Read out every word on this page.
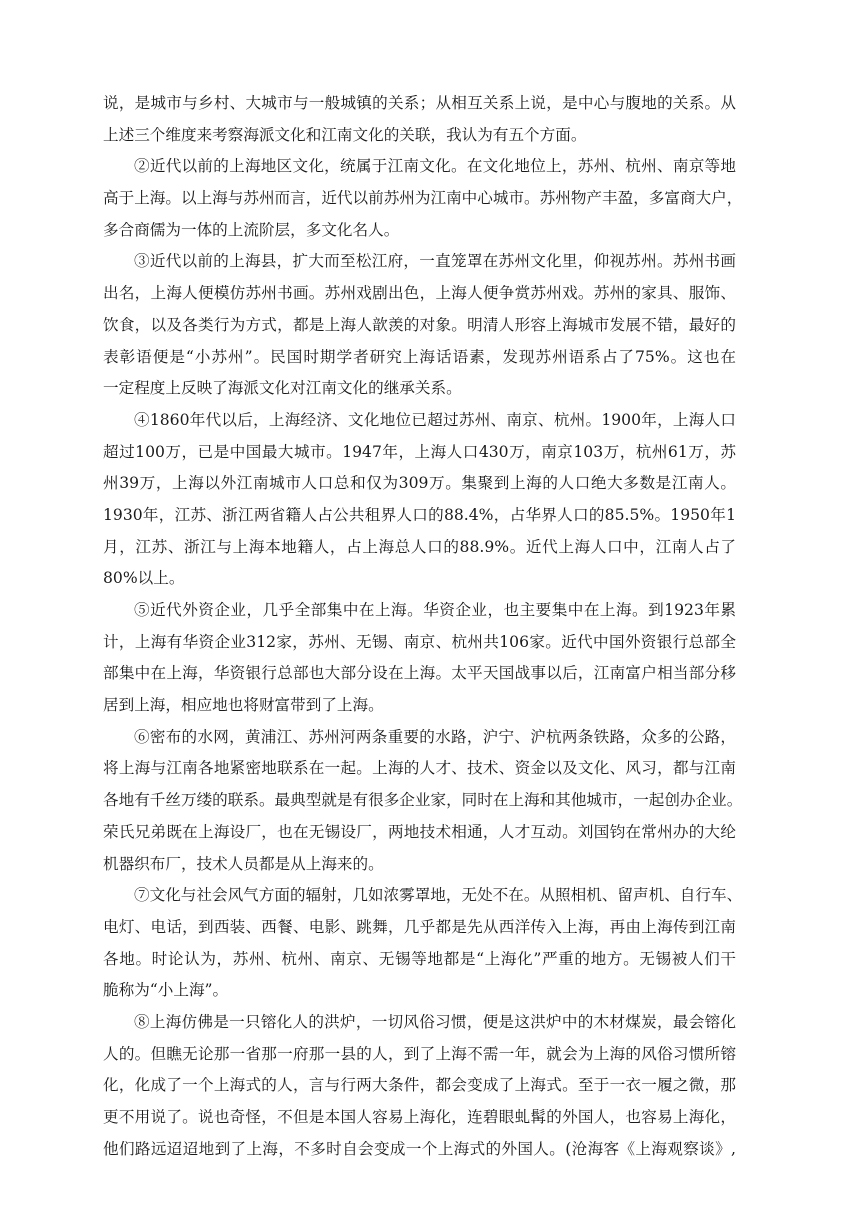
说，是城市与乡村、大城市与一般城镇的关系；从相互关系上说，是中心与腹地的关系。从
上述三个维度来考察海派文化和江南文化的关联，我认为有五个方面。
②近代以前的上海地区文化，统属于江南文化。在文化地位上，苏州、杭州、南京等地
高于上海。以上海与苏州而言，近代以前苏州为江南中心城市。苏州物产丰盈，多富商大户，
多合商儒为一体的上流阶层，多文化名人。
③近代以前的上海县，扩大而至松江府，一直笼罩在苏州文化里，仰视苏州。苏州书画
出名，上海人便模仿苏州书画。苏州戏剧出色，上海人便争赏苏州戏。苏州的家具、服饰、
饮食，以及各类行为方式，都是上海人歆羡的对象。明清人形容上海城市发展不错，最好的
表彰语便是“小苏州”。民国时期学者研究上海话语素，发现苏州语系占了75%。这也在
一定程度上反映了海派文化对江南文化的继承关系。
④1860年代以后，上海经济、文化地位已超过苏州、南京、杭州。1900年，上海人口
超过100万，已是中国最大城市。1947年，上海人口430万，南京103万，杭州61万，苏
州39万，上海以外江南城市人口总和仅为309万。集聚到上海的人口绝大多数是江南人。
1930年，江苏、浙江两省籍人占公共租界人口的88.4%，占华界人口的85.5%。1950年1
月，江苏、浙江与上海本地籍人，占上海总人口的88.9%。近代上海人口中，江南人占了
80%以上。
⑤近代外资企业，几乎全部集中在上海。华资企业，也主要集中在上海。到1923年累
计，上海有华资企业312家，苏州、无锡、南京、杭州共106家。近代中国外资银行总部全
部集中在上海，华资银行总部也大部分设在上海。太平天国战事以后，江南富户相当部分移
居到上海，相应地也将财富带到了上海。
⑥密布的水网，黄浦江、苏州河两条重要的水路，沪宁、沪杭两条铁路，众多的公路，
将上海与江南各地紧密地联系在一起。上海的人才、技术、资金以及文化、风习，都与江南
各地有千丝万缕的联系。最典型就是有很多企业家，同时在上海和其他城市，一起创办企业。
荣氏兄弟既在上海设厂，也在无锡设厂，两地技术相通，人才互动。刘国钧在常州办的大纶
机器织布厂，技术人员都是从上海来的。
⑦文化与社会风气方面的辐射，几如浓雾罩地，无处不在。从照相机、留声机、自行车、
电灯、电话，到西装、西餐、电影、跳舞，几乎都是先从西洋传入上海，再由上海传到江南
各地。时论认为，苏州、杭州、南京、无锡等地都是“上海化”严重的地方。无锡被人们干
脆称为“小上海”。
⑧上海仿佛是一只镕化人的洪炉，一切风俗习惯，便是这洪炉中的木材煤炭，最会镕化
人的。但瞧无论那一省那一府那一县的人，到了上海不需一年，就会为上海的风俗习惯所镕
化，化成了一个上海式的人，言与行两大条件，都会变成了上海式。至于一衣一履之微，那
更不用说了。说也奇怪，不但是本国人容易上海化，连碧眼虬髯的外国人，也容易上海化，
他们路远迢迢地到了上海，不多时自会变成一个上海式的外国人。(沧海客《上海观察谈》,
